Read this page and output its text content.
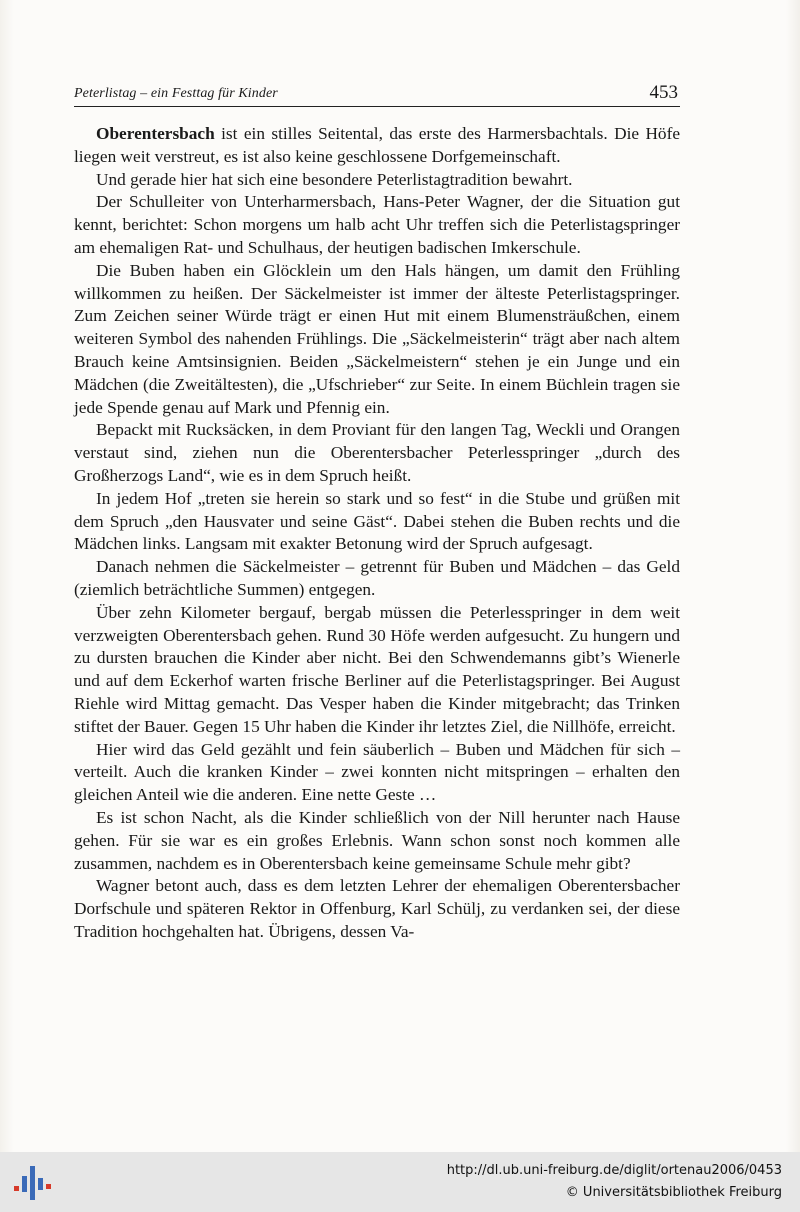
Peterlistag – ein Festtag für Kinder	453

Oberentersbach ist ein stilles Seitental, das erste des Harmersbachtals. Die Höfe liegen weit verstreut, es ist also keine geschlossene Dorfgemeinschaft.

Und gerade hier hat sich eine besondere Peterlistagtradition bewahrt.

Der Schulleiter von Unterharmersbach, Hans-Peter Wagner, der die Situation gut kennt, berichtet: Schon morgens um halb acht Uhr treffen sich die Peterlistagspringer am ehemaligen Rat- und Schulhaus, der heutigen badischen Imkerschule.

Die Buben haben ein Glöcklein um den Hals hängen, um damit den Frühling willkommen zu heißen. Der Säckelmeister ist immer der älteste Peterlistagspringer. Zum Zeichen seiner Würde trägt er einen Hut mit einem Blumensträußchen, einem weiteren Symbol des nahenden Frühlings. Die „Säckelmeisterin“ trägt aber nach altem Brauch keine Amtsinsignien. Beiden „Säckelmeistern“ stehen je ein Junge und ein Mädchen (die Zweitältesten), die „Ufschrieber“ zur Seite. In einem Büchlein tragen sie jede Spende genau auf Mark und Pfennig ein.

Bepackt mit Rucksäcken, in dem Proviant für den langen Tag, Weckli und Orangen verstaut sind, ziehen nun die Oberentersbacher Peterlesspringer „durch des Großherzogs Land“, wie es in dem Spruch heißt.

In jedem Hof „treten sie herein so stark und so fest“ in die Stube und grüßen mit dem Spruch „den Hausvater und seine Gäst“. Dabei stehen die Buben rechts und die Mädchen links. Langsam mit exakter Betonung wird der Spruch aufgesagt.

Danach nehmen die Säckelmeister – getrennt für Buben und Mädchen – das Geld (ziemlich beträchtliche Summen) entgegen.

Über zehn Kilometer bergauf, bergab müssen die Peterlesspringer in dem weit verzweigten Oberentersbach gehen. Rund 30 Höfe werden aufgesucht. Zu hungern und zu dursten brauchen die Kinder aber nicht. Bei den Schwendemanns gibt’s Wienerle und auf dem Eckerhof warten frische Berliner auf die Peterlistagspringer. Bei August Riehle wird Mittag gemacht. Das Vesper haben die Kinder mitgebracht; das Trinken stiftet der Bauer. Gegen 15 Uhr haben die Kinder ihr letztes Ziel, die Nillhöfe, erreicht.

Hier wird das Geld gezählt und fein säuberlich – Buben und Mädchen für sich – verteilt. Auch die kranken Kinder – zwei konnten nicht mitspringen – erhalten den gleichen Anteil wie die anderen. Eine nette Geste …

Es ist schon Nacht, als die Kinder schließlich von der Nill herunter nach Hause gehen. Für sie war es ein großes Erlebnis. Wann schon sonst noch kommen alle zusammen, nachdem es in Oberentersbach keine gemeinsame Schule mehr gibt?

Wagner betont auch, dass es dem letzten Lehrer der ehemaligen Oberentersbacher Dorfschule und späteren Rektor in Offenburg, Karl Schülj, zu verdanken sei, der diese Tradition hochgehalten hat. Übrigens, dessen Va-

http://dl.ub.uni-freiburg.de/diglit/ortenau2006/0453
© Universitätsbibliothek Freiburg
